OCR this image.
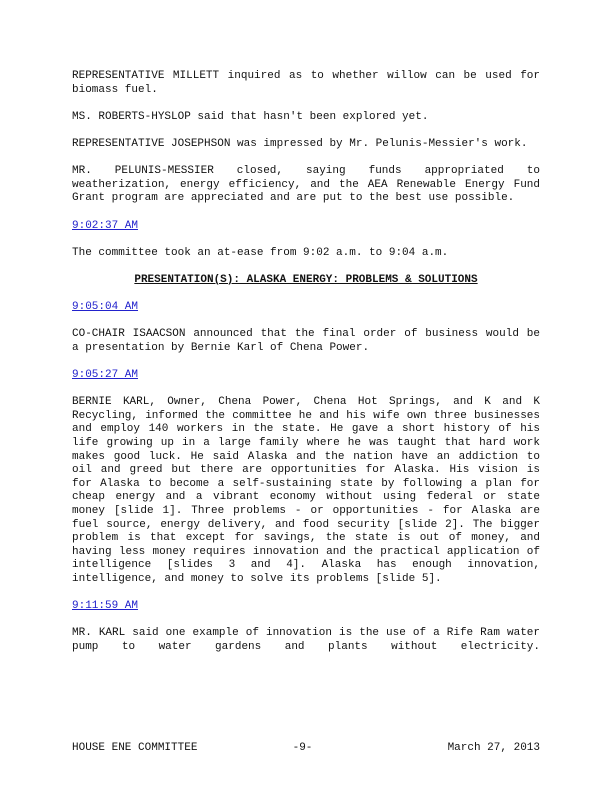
REPRESENTATIVE MILLETT inquired as to whether willow can be used for biomass fuel.

MS. ROBERTS-HYSLOP said that hasn't been explored yet.

REPRESENTATIVE JOSEPHSON was impressed by Mr. Pelunis-Messier's work.

MR. PELUNIS-MESSIER closed, saying funds appropriated to weatherization, energy efficiency, and the AEA Renewable Energy Fund Grant program are appreciated and are put to the best use possible.

9:02:37 AM

The committee took an at-ease from 9:02 a.m. to 9:04 a.m.

PRESENTATION(S): ALASKA ENERGY: PROBLEMS & SOLUTIONS
9:05:04 AM

CO-CHAIR ISAACSON announced that the final order of business would be a presentation by Bernie Karl of Chena Power.

9:05:27 AM

BERNIE KARL, Owner, Chena Power, Chena Hot Springs, and K and K Recycling, informed the committee he and his wife own three businesses and employ 140 workers in the state. He gave a short history of his life growing up in a large family where he was taught that hard work makes good luck. He said Alaska and the nation have an addiction to oil and greed but there are opportunities for Alaska. His vision is for Alaska to become a self-sustaining state by following a plan for cheap energy and a vibrant economy without using federal or state money [slide 1]. Three problems - or opportunities - for Alaska are fuel source, energy delivery, and food security [slide 2]. The bigger problem is that except for savings, the state is out of money, and having less money requires innovation and the practical application of intelligence [slides 3 and 4]. Alaska has enough innovation, intelligence, and money to solve its problems [slide 5].

9:11:59 AM

MR. KARL said one example of innovation is the use of a Rife Ram water pump to water gardens and plants without electricity.

HOUSE ENE COMMITTEE	-9-	March 27, 2013
